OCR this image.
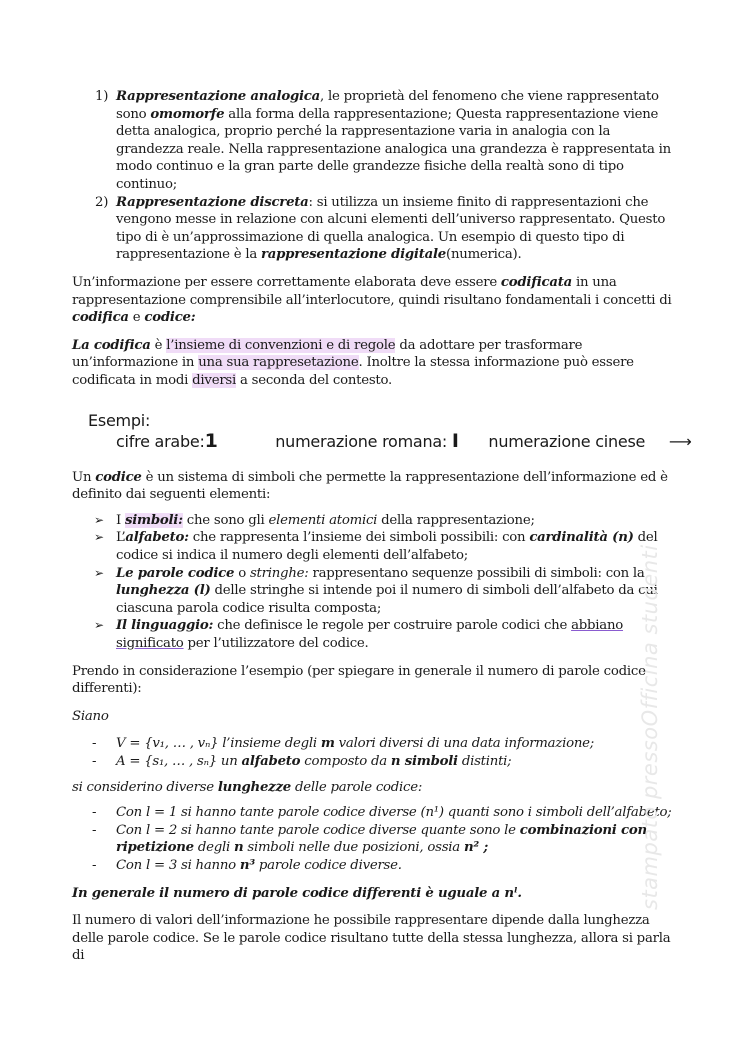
1) Rappresentazione analogica, le proprietà del fenomeno che viene rappresentato sono omomorfe alla forma della rappresentazione; Questa rappresentazione viene detta analogica, proprio perché la rappresentazione varia in analogia con la grandezza reale. Nella rappresentazione analogica una grandezza è rappresentata in modo continuo e la gran parte delle grandezze fisiche della realtà sono di tipo continuo;
2) Rappresentazione discreta: si utilizza un insieme finito di rappresentazioni che vengono messe in relazione con alcuni elementi dell’universo rappresentato. Questo tipo di è un’approssimazione di quella analogica. Un esempio di questo tipo di rappresentazione è la rappresentazione digitale(numerica).

Un’informazione per essere correttamente elaborata deve essere codificata in una rappresentazione comprensibile all’interlocutore, quindi risultano fondamentali i concetti di codifica e codice:

La codifica è l’insieme di convenzioni e di regole da adottare per trasformare un’informazione in una sua rappresetazione. Inoltre la stessa informazione può essere codificata in modi diversi a seconda del contesto.

Esempi:
cifre arabe:1	numerazione romana: I numerazione cinese ⟶

Un codice è un sistema di simboli che permette la rappresentazione dell’informazione ed è definito dai seguenti elementi:

➢ I simboli: che sono gli elementi atomici della rappresentazione;
➢ L’alfabeto: che rappresenta l’insieme dei simboli possibili: con cardinalità (n) del codice si indica il numero degli elementi dell’alfabeto;
➢ Le parole codice o stringhe: rappresentano sequenze possibili di simboli: con la lunghezza (l) delle stringhe si intende poi il numero di simboli dell’alfabeto da cui ciascuna parola codice risulta composta;
➢ Il linguaggio: che definisce le regole per costruire parole codici che abbiano significato per l’utilizzatore del codice.

Prendo in considerazione l’esempio (per spiegare in generale il numero di parole codice differenti):

Siano

- V = {v₁, … , vₙ} l’insieme degli m valori diversi di una data informazione;
- A = {s₁, … , sₙ} un alfabeto composto da n simboli distinti;

si considerino diverse lunghezze delle parole codice:

- Con l = 1 si hanno tante parole codice diverse (n¹) quanti sono i simboli dell’alfabeto;
- Con l = 2 si hanno tante parole codice diverse quante sono le combinazioni con ripetizione degli n simboli nelle due posizioni, ossia n² ;
- Con l = 3 si hanno n³ parole codice diverse.

In generale il numero di parole codice differenti è uguale a nˡ.

Il numero di valori dell’informazione he possibile rappresentare dipende dalla lunghezza delle parole codice. Se le parole codice risultano tutte della stessa lunghezza, allora si parla di

stampato pressoOfficina studenti
